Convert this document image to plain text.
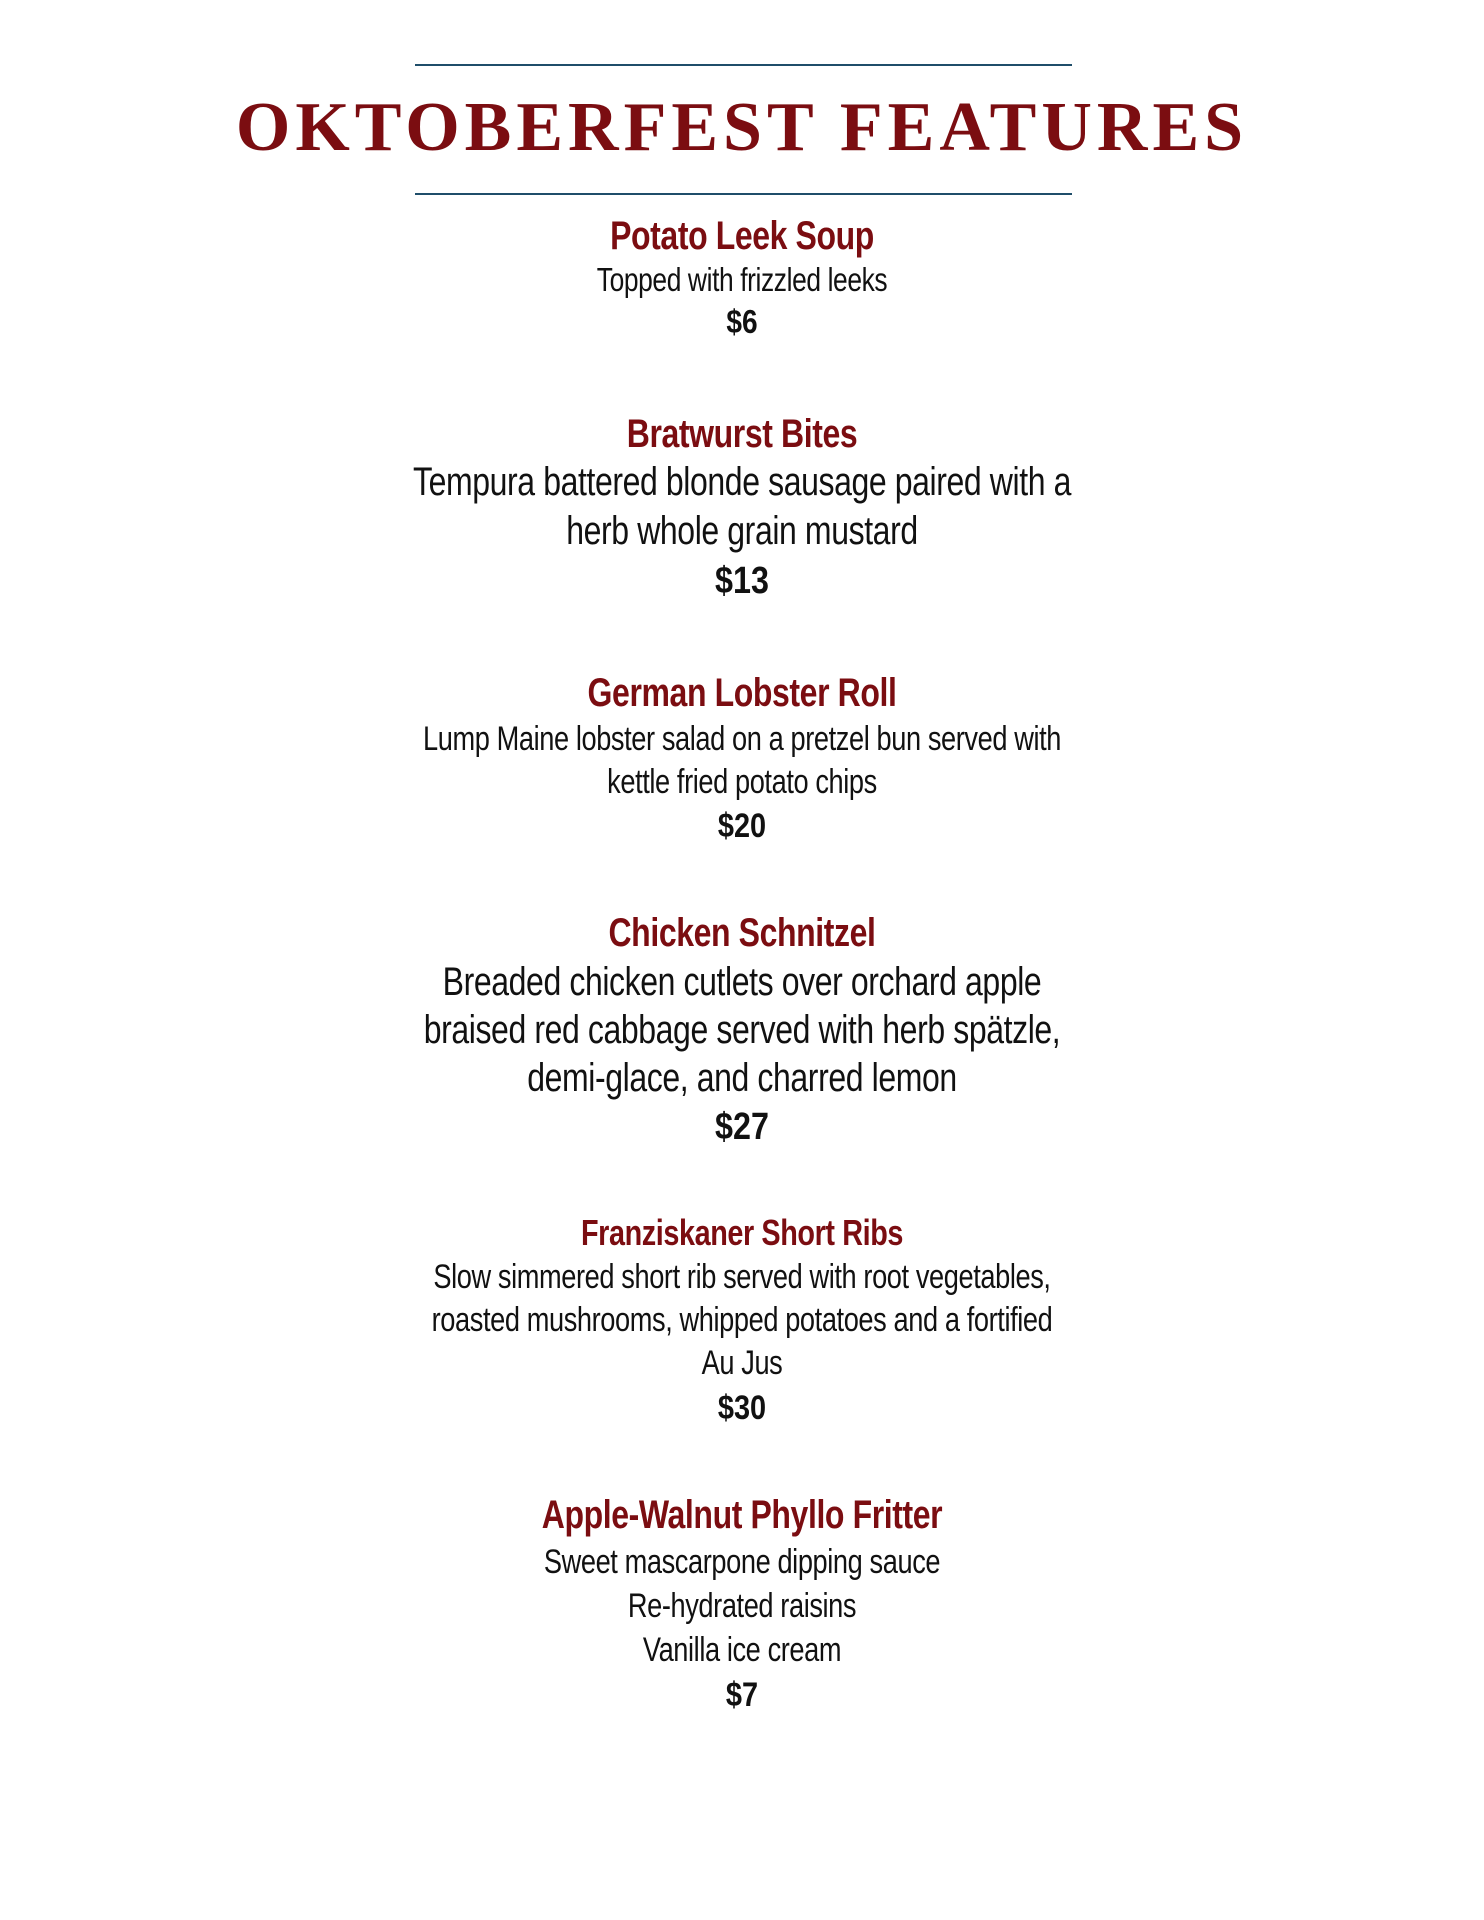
OKTOBERFEST FEATURES
Potato Leek Soup
Topped with frizzled leeks
$6
Bratwurst Bites
Tempura battered blonde sausage paired with a
herb whole grain mustard
$13
German Lobster Roll
Lump Maine lobster salad on a pretzel bun served with
kettle fried potato chips
$20
Chicken Schnitzel
Breaded chicken cutlets over orchard apple
braised red cabbage served with herb spätzle,
demi-glace, and charred lemon
$27
Franziskaner Short Ribs
Slow simmered short rib served with root vegetables,
roasted mushrooms, whipped potatoes and a fortified
Au Jus
$30
Apple-Walnut Phyllo Fritter
Sweet mascarpone dipping sauce
Re-hydrated raisins
Vanilla ice cream
$7
